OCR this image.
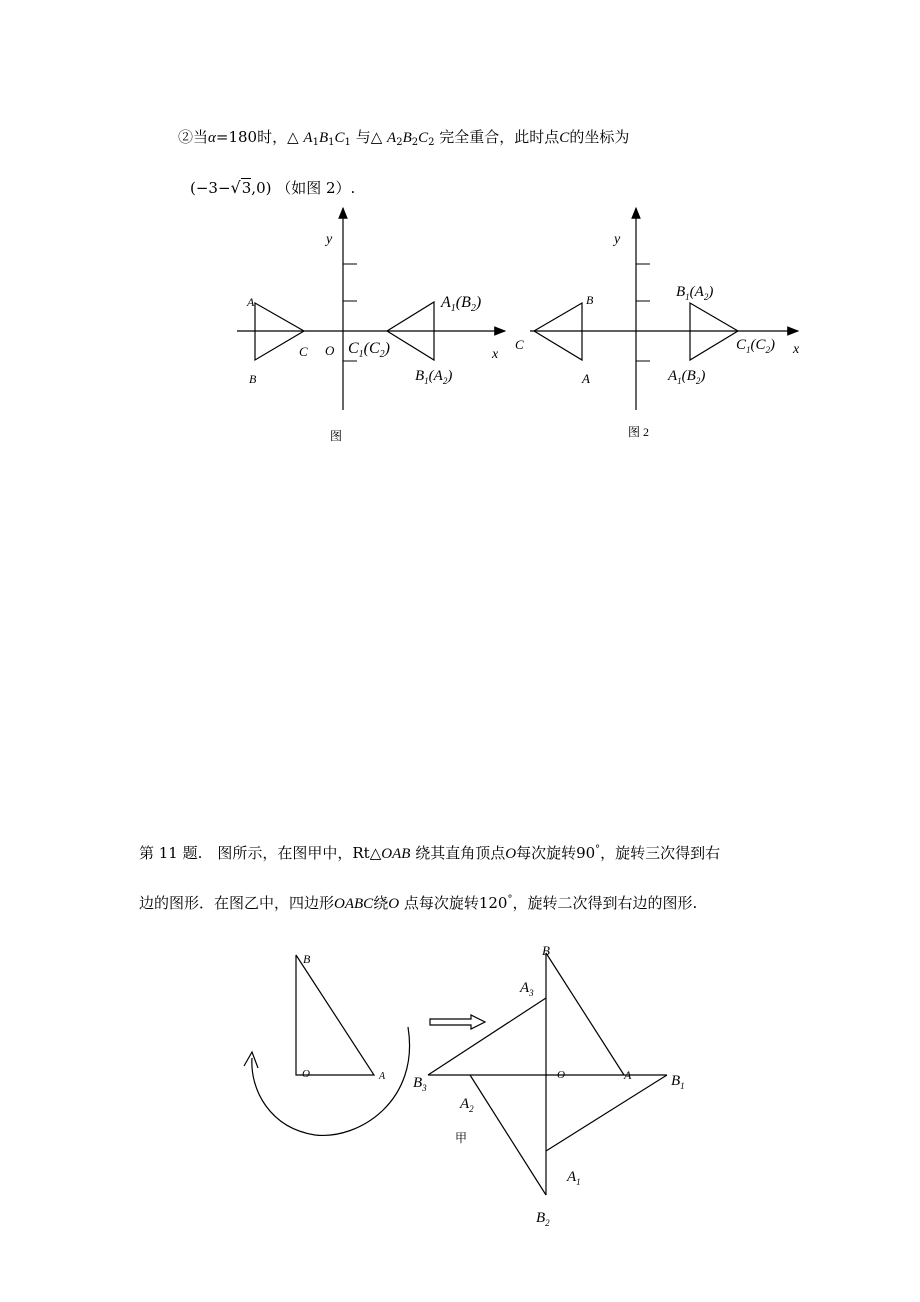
②当α=180时，△ $A_1B_1C_1$ 与△ $A_2B_2C_2$ 完全重合，此时点C的坐标为
(−3−√3,0) （如图 2）.
y
x
O
A
B
C
$A_1(B_2)$
$C_1(C_2)$
$B_1(A_2)$
图
y
x
B
C
A
$B_1(A_2)$
$A_1(B_2)$
$C_1(C_2)$
图 2
B
O	A
B
$A_3$
$B_3$
O	A	$B_1$
$A_2$
$A_1$
$B_2$
甲
第 11 题.　图所示，在图甲中，Rt△OAB 绕其直角顶点O每次旋转90°，旋转三次得到右
边的图形．在图乙中，四边形OABC绕O 点每次旋转120°，旋转二次得到右边的图形.
